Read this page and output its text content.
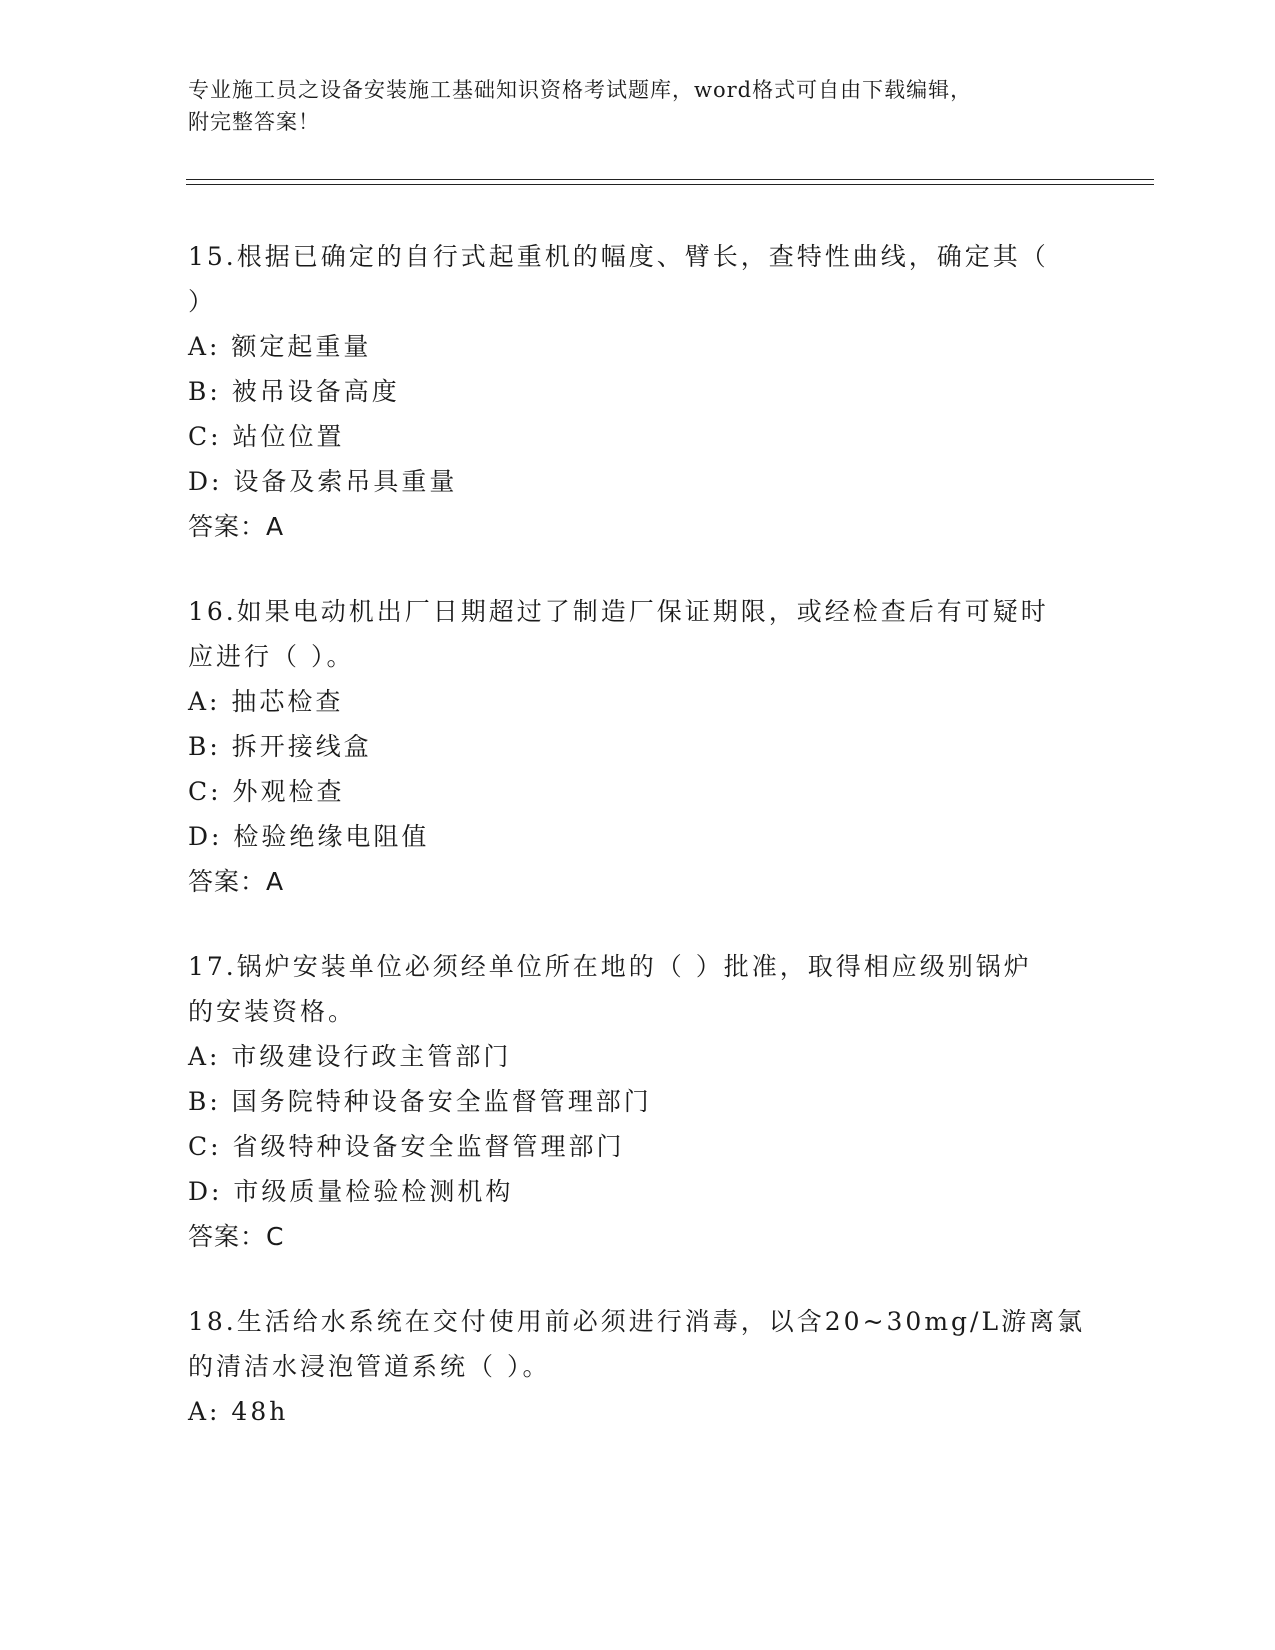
专业施工员之设备安装施工基础知识资格考试题库，word格式可自由下载编辑，
附完整答案！
15.根据已确定的自行式起重机的幅度、臂长，查特性曲线，确定其（
）
A: 额定起重量
B: 被吊设备高度
C: 站位位置
D: 设备及索吊具重量
答案：A
16.如果电动机出厂日期超过了制造厂保证期限，或经检查后有可疑时
应进行（ ）。
A: 抽芯检查
B: 拆开接线盒
C: 外观检查
D: 检验绝缘电阻值
答案：A
17.锅炉安装单位必须经单位所在地的（ ）批准，取得相应级别锅炉
的安装资格。
A: 市级建设行政主管部门
B: 国务院特种设备安全监督管理部门
C: 省级特种设备安全监督管理部门
D: 市级质量检验检测机构
答案：C
18.生活给水系统在交付使用前必须进行消毒，以含20~30mg/L游离氯
的清洁水浸泡管道系统（ ）。
A: 48h
